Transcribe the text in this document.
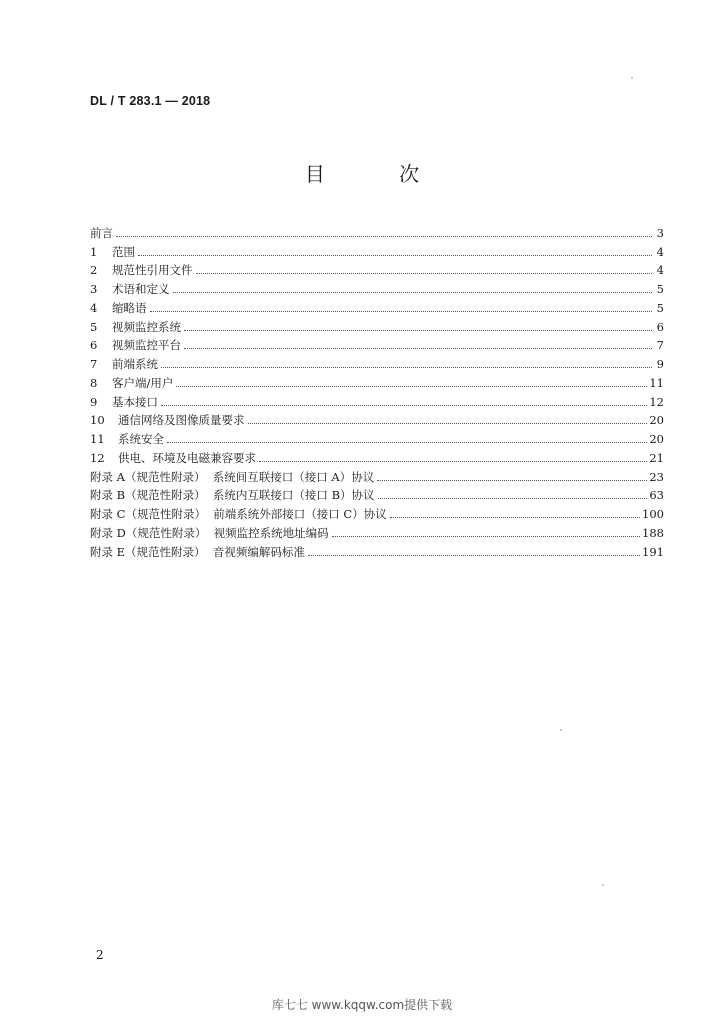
DL / T 283.1 — 2018
目 次
前言	3
1	范围	4
2	规范性引用文件	4
3	术语和定义	5
4	缩略语	5
5	视频监控系统	6
6	视频监控平台	7
7	前端系统	9
8	客户端/用户	11
9	基本接口	12
10	通信网络及图像质量要求	20
11	系统安全	20
12	供电、环境及电磁兼容要求	21
附录 A（规范性附录）  系统间互联接口（接口 A）协议	23
附录 B（规范性附录）  系统内互联接口（接口 B）协议	63
附录 C（规范性附录）  前端系统外部接口（接口 C）协议	100
附录 D（规范性附录）  视频监控系统地址编码	188
附录 E（规范性附录）  音视频编解码标准	191
2
库七七 www.kqqw.com提供下载
